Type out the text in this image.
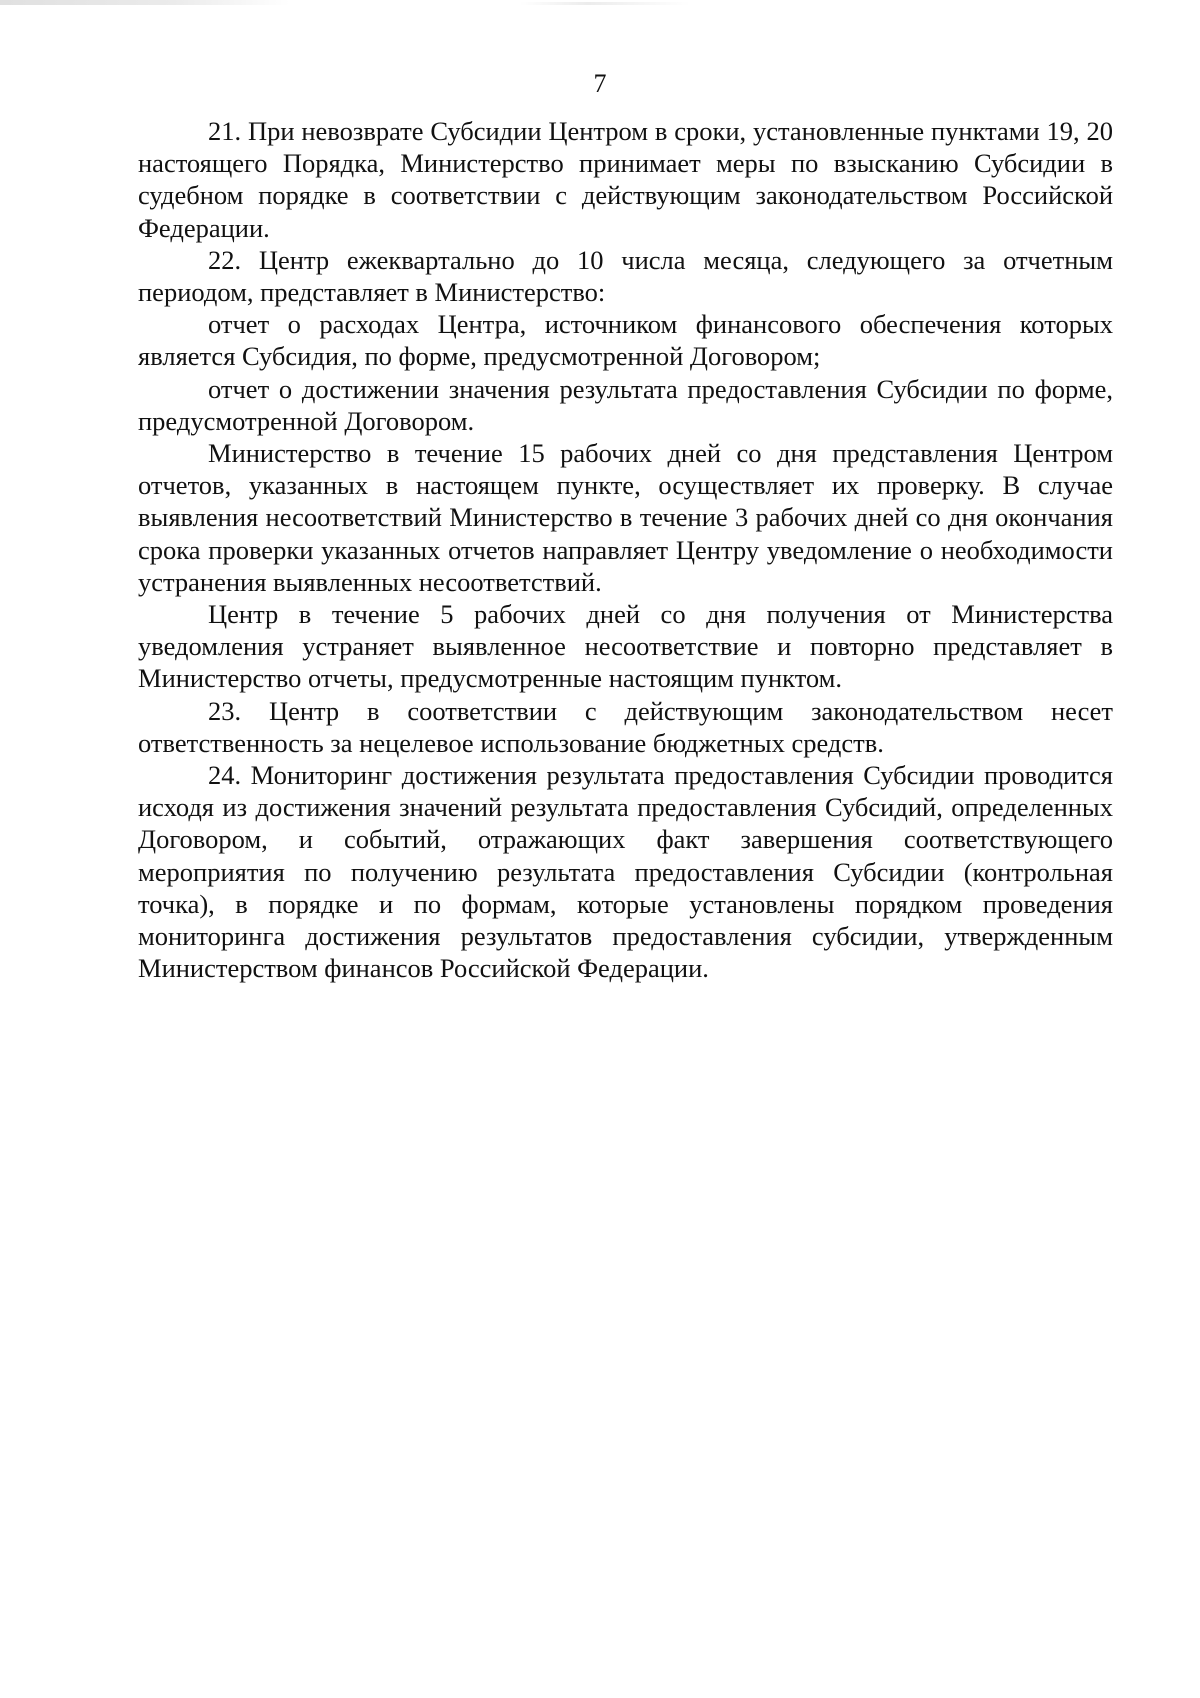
7

21. При невозврате Субсидии Центром в сроки, установленные пунктами 19, 20 настоящего Порядка, Министерство принимает меры по взысканию Субсидии в судебном порядке в соответствии с действующим законодательством Российской Федерации.

22. Центр ежеквартально до 10 числа месяца, следующего за отчетным периодом, представляет в Министерство:

отчет о расходах Центра, источником финансового обеспечения которых является Субсидия, по форме, предусмотренной Договором;

отчет о достижении значения результата предоставления Субсидии по форме, предусмотренной Договором.

Министерство в течение 15 рабочих дней со дня представления Центром отчетов, указанных в настоящем пункте, осуществляет их проверку. В случае выявления несоответствий Министерство в течение 3 рабочих дней со дня окончания срока проверки указанных отчетов направляет Центру уведомление о необходимости устранения выявленных несоответствий.

Центр в течение 5 рабочих дней со дня получения от Министерства уведомления устраняет выявленное несоответствие и повторно представляет в Министерство отчеты, предусмотренные настоящим пунктом.

23. Центр в соответствии с действующим законодательством несет ответственность за нецелевое использование бюджетных средств.

24. Мониторинг достижения результата предоставления Субсидии проводится исходя из достижения значений результата предоставления Субсидий, определенных Договором, и событий, отражающих факт завершения соответствующего мероприятия по получению результата предоставления Субсидии (контрольная точка), в порядке и по формам, которые установлены порядком проведения мониторинга достижения результатов предоставления субсидии, утвержденным Министерством финансов Российской Федерации.
